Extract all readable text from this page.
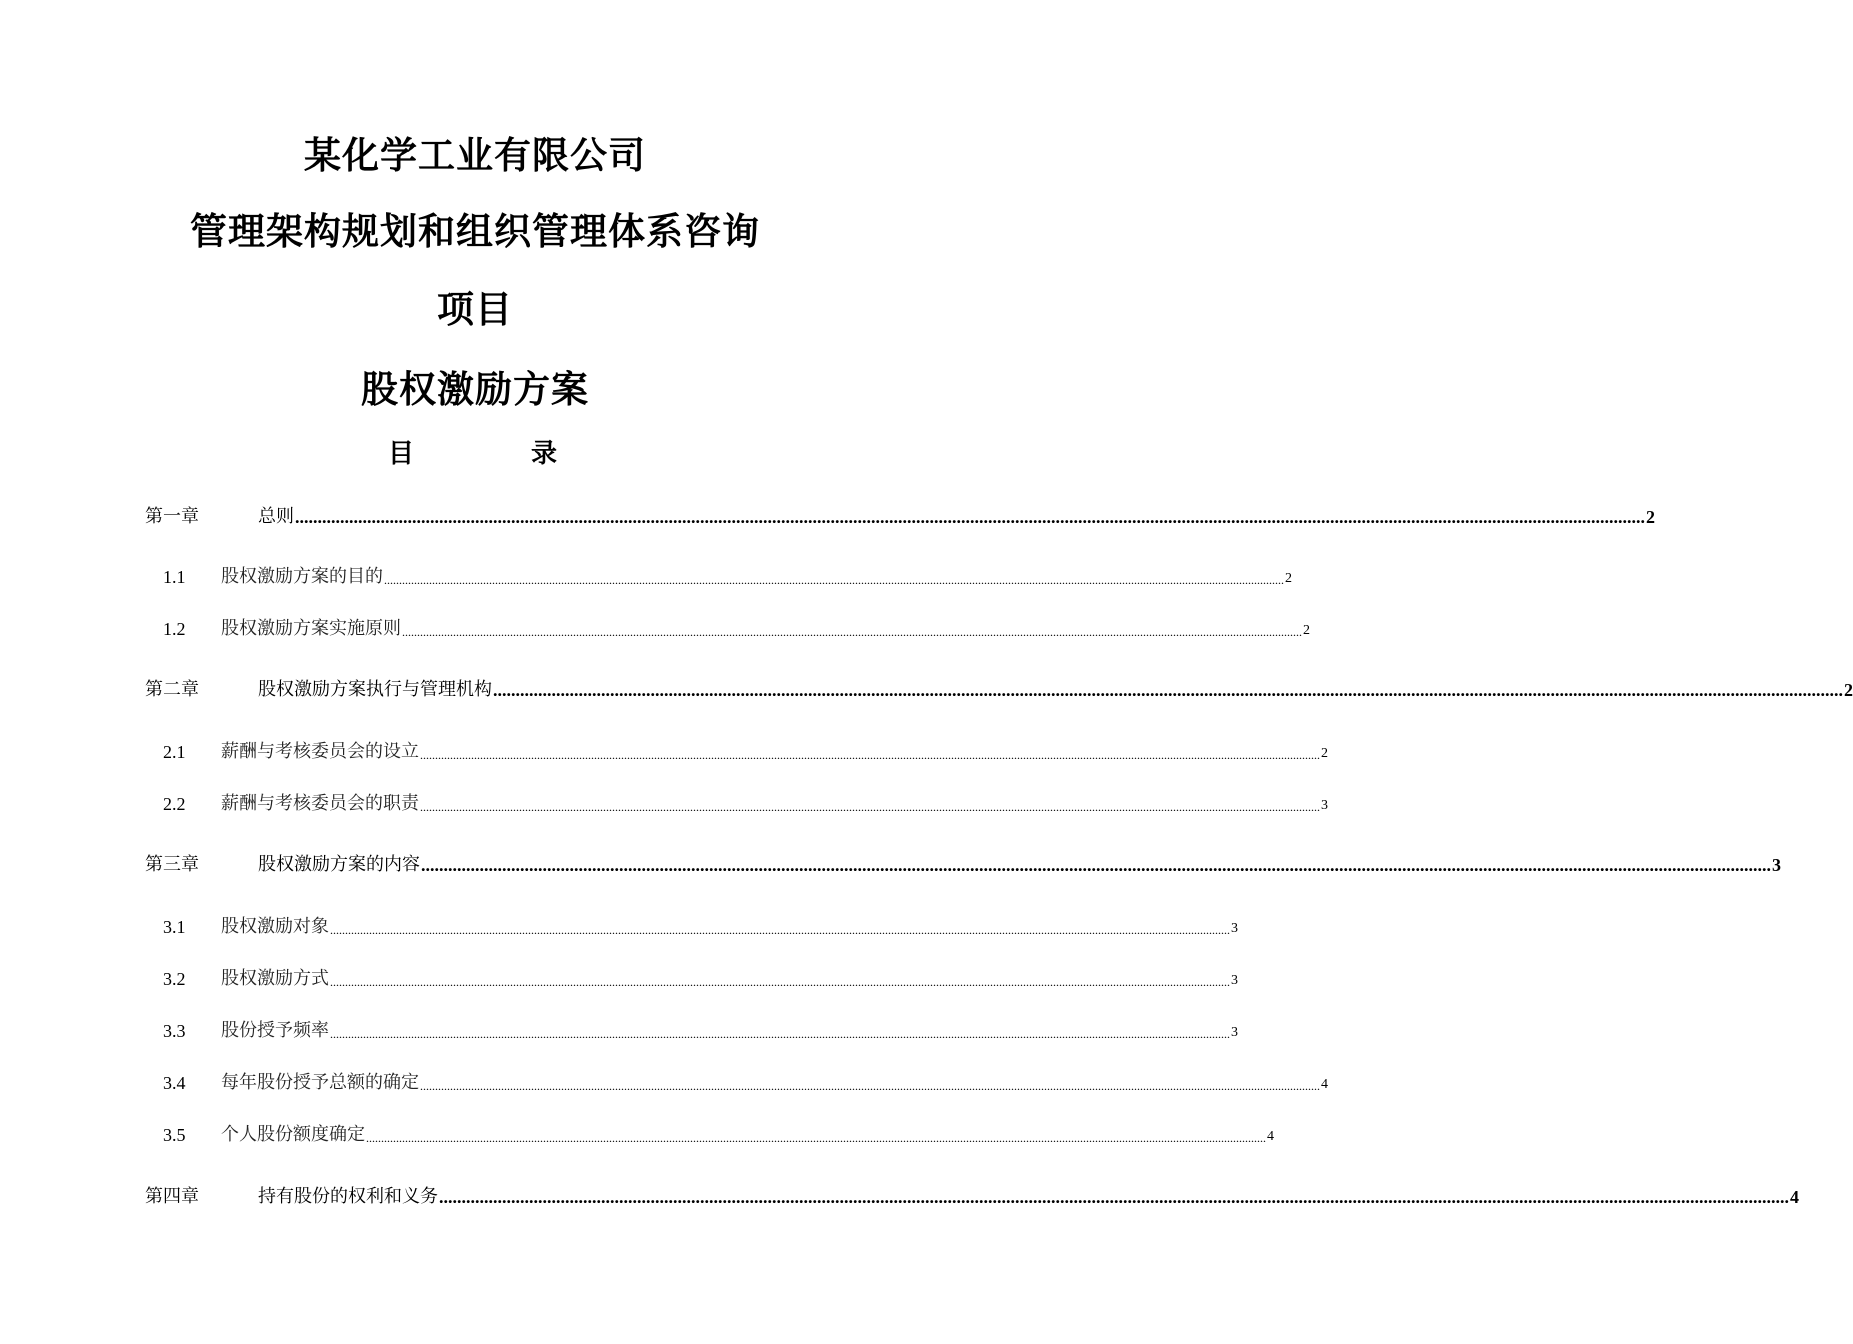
某化学工业有限公司
管理架构规划和组织管理体系咨询
项目
股权激励方案
目	录
第一章	总则 ............................................................................................................................................................................................................................................................................................................ 2
1.1 股权激励方案的目的 ............................................................................................................................................................................................................................................................................................................ 2
1.2 股权激励方案实施原则 ............................................................................................................................................................................................................................................................................................................ 2
第二章	股权激励方案执行与管理机构 ............................................................................................................................................................................................................................................................................................................ 2
2.1 薪酬与考核委员会的设立 ............................................................................................................................................................................................................................................................................................................ 2
2.2 薪酬与考核委员会的职责 ............................................................................................................................................................................................................................................................................................................ 3
第三章	股权激励方案的内容 ............................................................................................................................................................................................................................................................................................................ 3
3.1 股权激励对象 ............................................................................................................................................................................................................................................................................................................ 3
3.2 股权激励方式 ............................................................................................................................................................................................................................................................................................................ 3
3.3 股份授予频率 ............................................................................................................................................................................................................................................................................................................ 3
3.4 每年股份授予总额的确定 ............................................................................................................................................................................................................................................................................................................ 4
3.5 个人股份额度确定 ............................................................................................................................................................................................................................................................................................................ 4
第四章	持有股份的权利和义务 ............................................................................................................................................................................................................................................................................................................ 4
